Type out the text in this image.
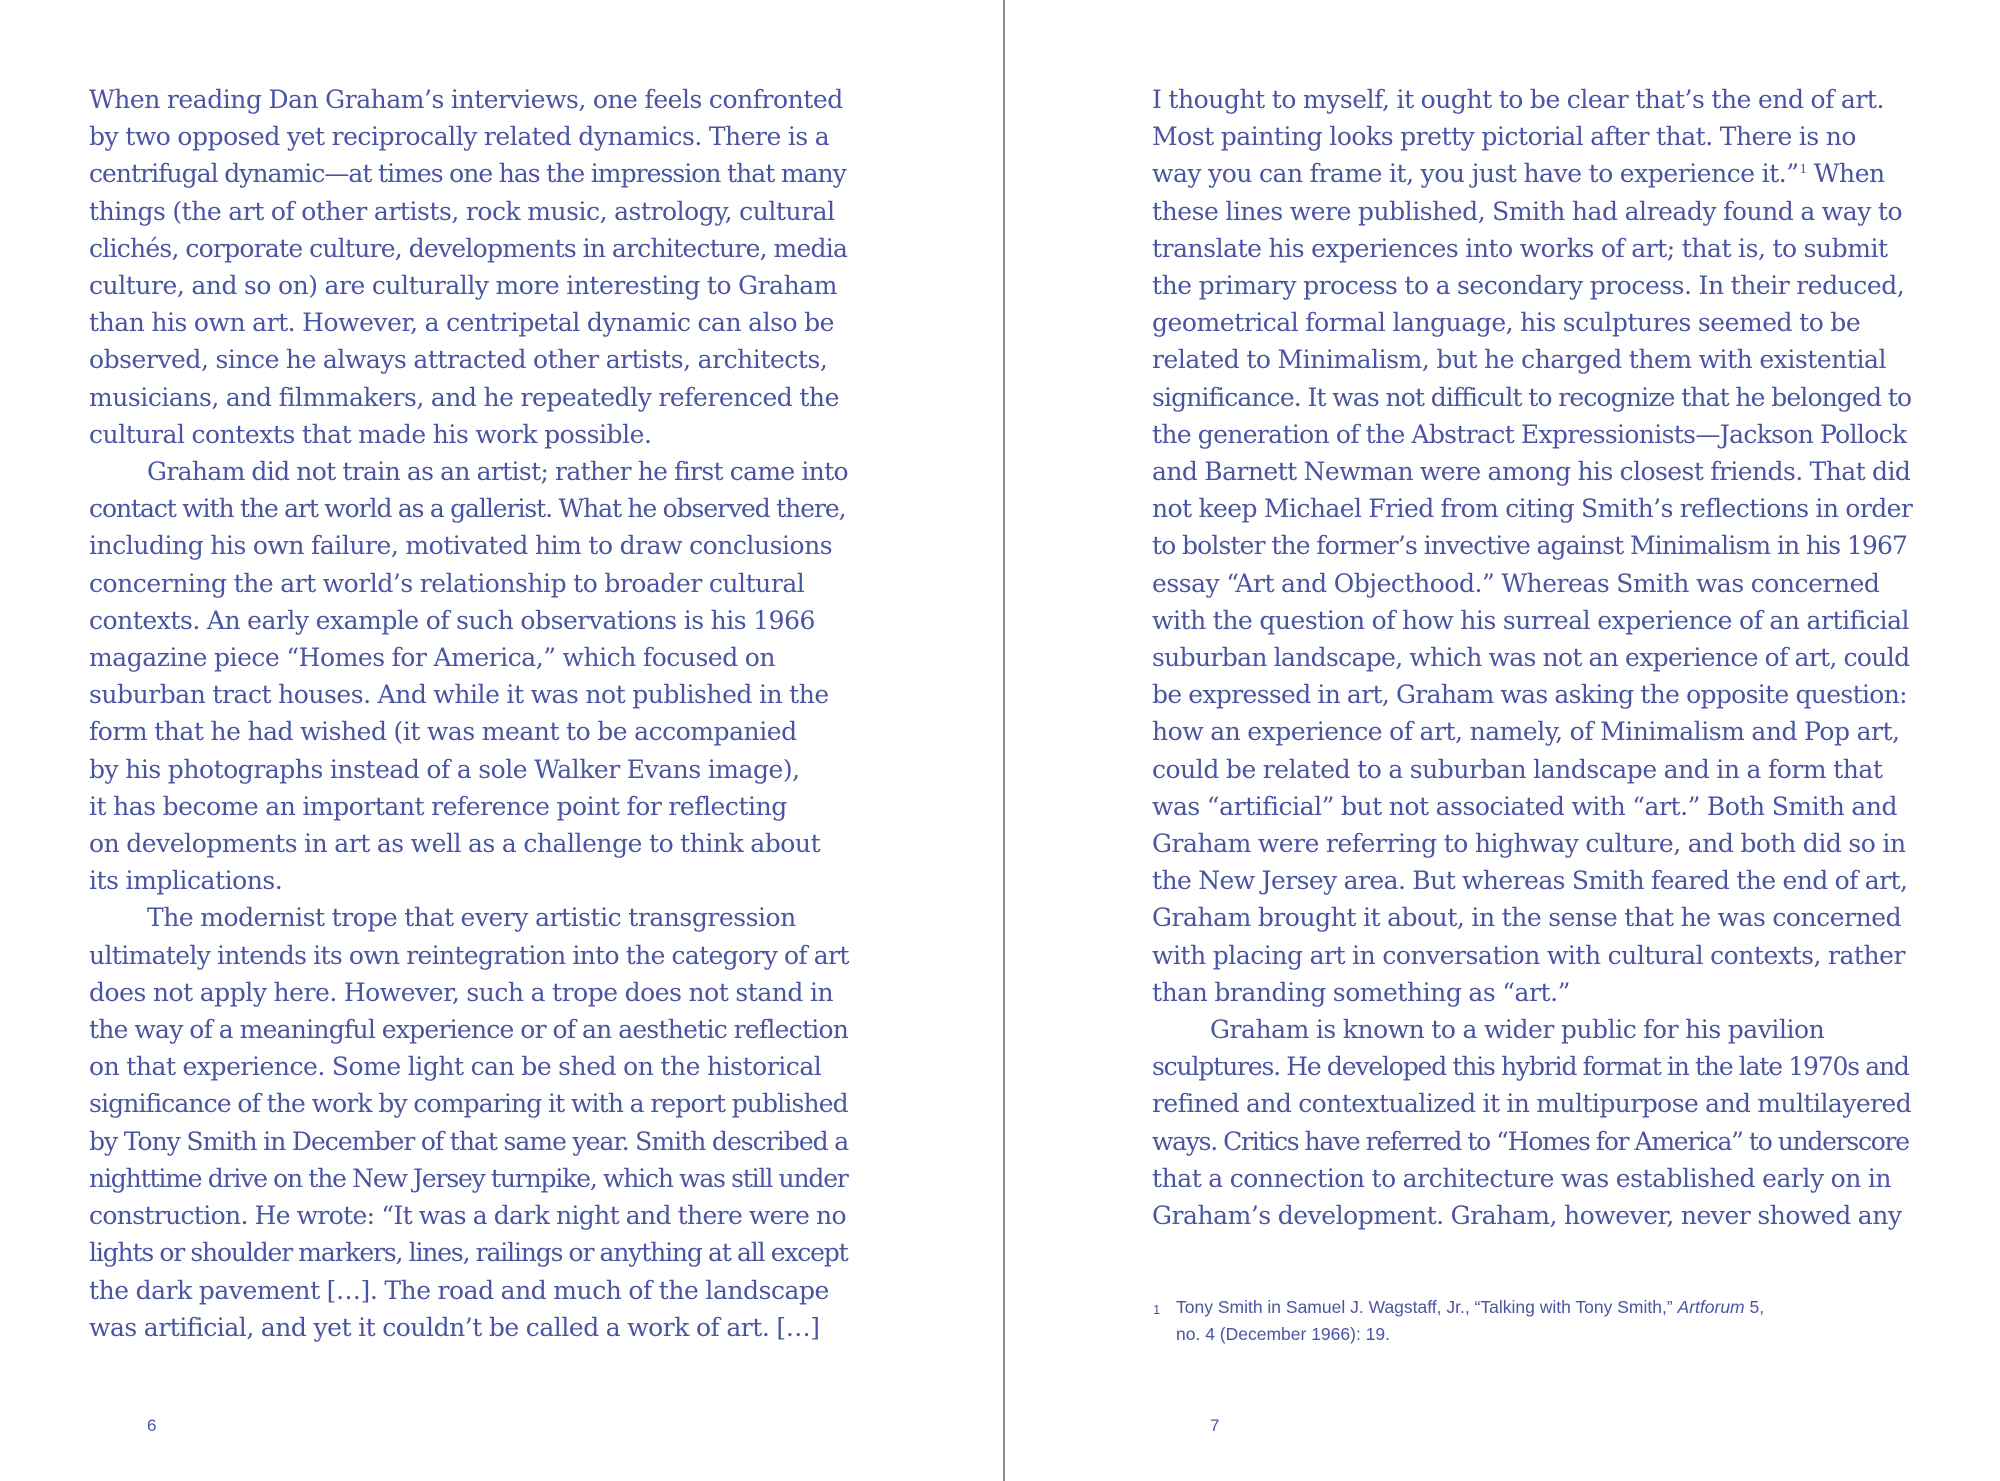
When reading Dan Graham’s interviews, one feels confronted
by two opposed yet reciprocally related dynamics. There is a
centrifugal dynamic—at times one has the impression that many
things (the art of other artists, rock music, astrology, cultural
clichés, corporate culture, developments in architecture, media
culture, and so on) are culturally more interesting to Graham
than his own art. However, a centripetal dynamic can also be
observed, since he always attracted other artists, architects,
musicians, and filmmakers, and he repeatedly referenced the
cultural contexts that made his work possible.
Graham did not train as an artist; rather he first came into
contact with the art world as a gallerist. What he observed there,
including his own failure, motivated him to draw conclusions
concerning the art world’s relationship to broader cultural
contexts. An early example of such observations is his 1966
magazine piece “Homes for America,” which focused on
suburban tract houses. And while it was not published in the
form that he had wished (it was meant to be accompanied
by his photographs instead of a sole Walker Evans image),
it has become an important reference point for reflecting
on developments in art as well as a challenge to think about
its implications.
The modernist trope that every artistic transgression
ultimately intends its own reintegration into the category of art
does not apply here. However, such a trope does not stand in
the way of a meaningful experience or of an aesthetic reflection
on that experience. Some light can be shed on the historical
significance of the work by comparing it with a report published
by Tony Smith in December of that same year. Smith described a
nighttime drive on the New Jersey turnpike, which was still under
construction. He wrote: “It was a dark night and there were no
lights or shoulder markers, lines, railings or anything at all except
the dark pavement […]. The road and much of the landscape
was artificial, and yet it couldn’t be called a work of art. […]
6
I thought to myself, it ought to be clear that’s the end of art.
Most painting looks pretty pictorial after that. There is no
way you can frame it, you just have to experience it.”$^1$ When
these lines were published, Smith had already found a way to
translate his experiences into works of art; that is, to submit
the primary process to a secondary process. In their reduced,
geometrical formal language, his sculptures seemed to be
related to Minimalism, but he charged them with existential
significance. It was not difficult to recognize that he belonged to
the generation of the Abstract Expressionists—Jackson Pollock
and Barnett Newman were among his closest friends. That did
not keep Michael Fried from citing Smith’s reflections in order
to bolster the former’s invective against Minimalism in his 1967
essay “Art and Objecthood.” Whereas Smith was concerned
with the question of how his surreal experience of an artificial
suburban landscape, which was not an experience of art, could
be expressed in art, Graham was asking the opposite question:
how an experience of art, namely, of Minimalism and Pop art,
could be related to a suburban landscape and in a form that
was “artificial” but not associated with “art.” Both Smith and
Graham were referring to highway culture, and both did so in
the New Jersey area. But whereas Smith feared the end of art,
Graham brought it about, in the sense that he was concerned
with placing art in conversation with cultural contexts, rather
than branding something as “art.”
Graham is known to a wider public for his pavilion
sculptures. He developed this hybrid format in the late 1970s and
refined and contextualized it in multipurpose and multilayered
ways. Critics have referred to “Homes for America” to underscore
that a connection to architecture was established early on in
Graham’s development. Graham, however, never showed any
1 Tony Smith in Samuel J. Wagstaff, Jr., “Talking with Tony Smith,” Artforum 5,
no. 4 (December 1966): 19.
7
